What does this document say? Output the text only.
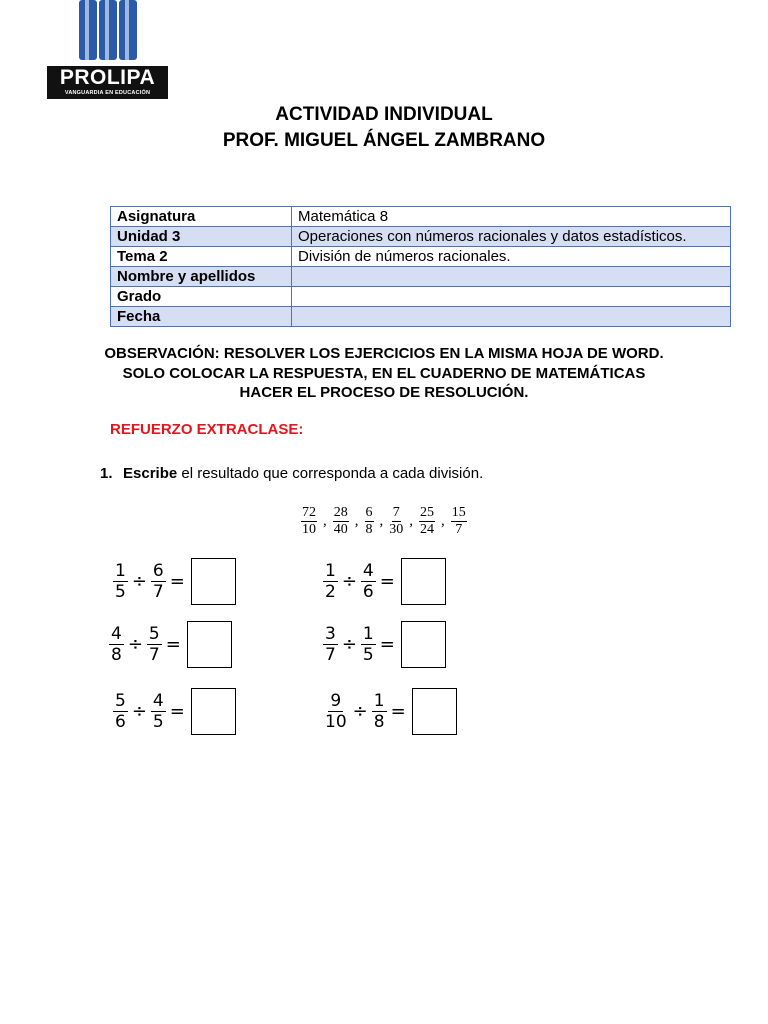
PROLIPA
VANGUARDIA EN EDUCACIÓN
ACTIVIDAD INDIVIDUAL
PROF. MIGUEL ÁNGEL ZAMBRANO
Asignatura	Matemática 8
Unidad 3	Operaciones con números racionales y datos estadísticos.
Tema 2	División de números racionales.
Nombre y apellidos	
Grado	
Fecha	
OBSERVACIÓN: RESOLVER LOS EJERCICIOS EN LA MISMA HOJA DE WORD. SOLO COLOCAR LA RESPUESTA, EN EL CUADERNO DE MATEMÁTICAS HACER EL PROCESO DE RESOLUCIÓN.
REFUERZO EXTRACLASE:
1. Escribe el resultado que corresponda a cada división.
$\frac{72}{10}$ , $\frac{28}{40}$ , $\frac{6}{8}$ , $\frac{7}{30}$ , $\frac{25}{24}$ , $\frac{15}{7}$
$\frac{1}{5} \div \frac{6}{7}$ =	$\frac{1}{2} \div \frac{4}{6}$ =
$\frac{4}{8} \div \frac{5}{7}$ =	$\frac{3}{7} \div \frac{1}{5}$ =
$\frac{5}{6} \div \frac{4}{5}$ =	$\frac{9}{10} \div \frac{1}{8}$ =
